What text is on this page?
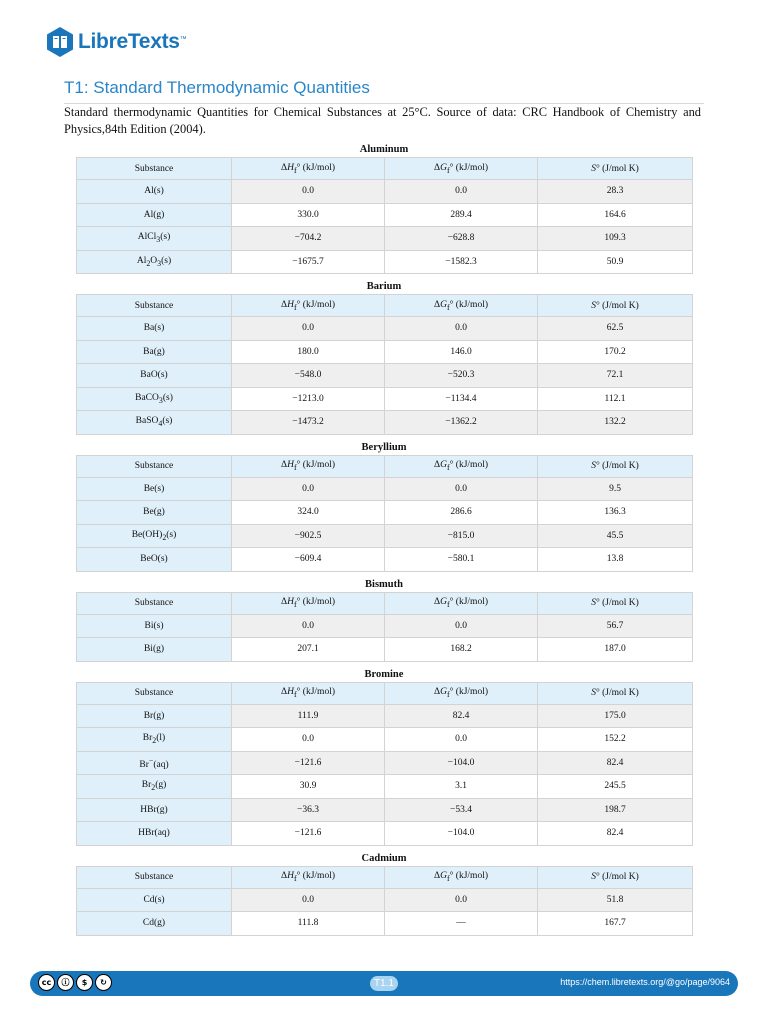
LibreTexts ™
T1: Standard Thermodynamic Quantities
Standard thermodynamic Quantities for Chemical Substances at 25°C. Source of data: CRC Handbook of Chemistry and Physics,84th Edition (2004).
Aluminum
Substance	$\Delta H_f^\circ$ (kJ/mol)	$\Delta G_f^\circ$ (kJ/mol)	S° (J/mol K)
Al(s)	0.0	0.0	28.3
Al(g)	330.0	289.4	164.6
AlCl$_3$(s)	−704.2	−628.8	109.3
$Al_2O_3(s)$	−1675.7	−1582.3	50.9
Barium
Substance	$\Delta H_f^\circ$ (kJ/mol)	$\Delta G_f^\circ$ (kJ/mol)	S° (J/mol K)
Ba(s)	0.0	0.0	62.5
Ba(g)	180.0	146.0	170.2
BaO(s)	−548.0	−520.3	72.1
BaCO$_3$(s)	−1213.0	−1134.4	112.1
BaSO$_4$(s)	−1473.2	−1362.2	132.2
Beryllium
Substance	$\Delta H_f^\circ$ (kJ/mol)	$\Delta G_f^\circ$ (kJ/mol)	S° (J/mol K)
Be(s)	0.0	0.0	9.5
Be(g)	324.0	286.6	136.3
$Be(OH)_2(s)$	−902.5	−815.0	45.5
BeO(s)	−609.4	−580.1	13.8
Bismuth
Substance	$\Delta H_f^\circ$ (kJ/mol)	$\Delta G_f^\circ$ (kJ/mol)	S° (J/mol K)
Bi(s)	0.0	0.0	56.7
Bi(g)	207.1	168.2	187.0
Bromine
Substance	$\Delta H_f^\circ$ (kJ/mol)	$\Delta G_f^\circ$ (kJ/mol)	S° (J/mol K)
Br(g)	111.9	82.4	175.0
$Br_2(l)$	0.0	0.0	152.2
Br−(aq)	−121.6	−104.0	82.4
$Br_2(g)$	30.9	3.1	245.5
HBr(g)	−36.3	−53.4	198.7
HBr(aq)	−121.6	−104.0	82.4
Cadmium
Substance	$\Delta H_f^\circ$ (kJ/mol)	$\Delta G_f^\circ$ (kJ/mol)	S° (J/mol K)
Cd(s)	0.0	0.0	51.8
Cd(g)	111.8	—	167.7
cc	ⓘ	$	↻	T1.1	https://chem.libretexts.org/@go/page/9064
